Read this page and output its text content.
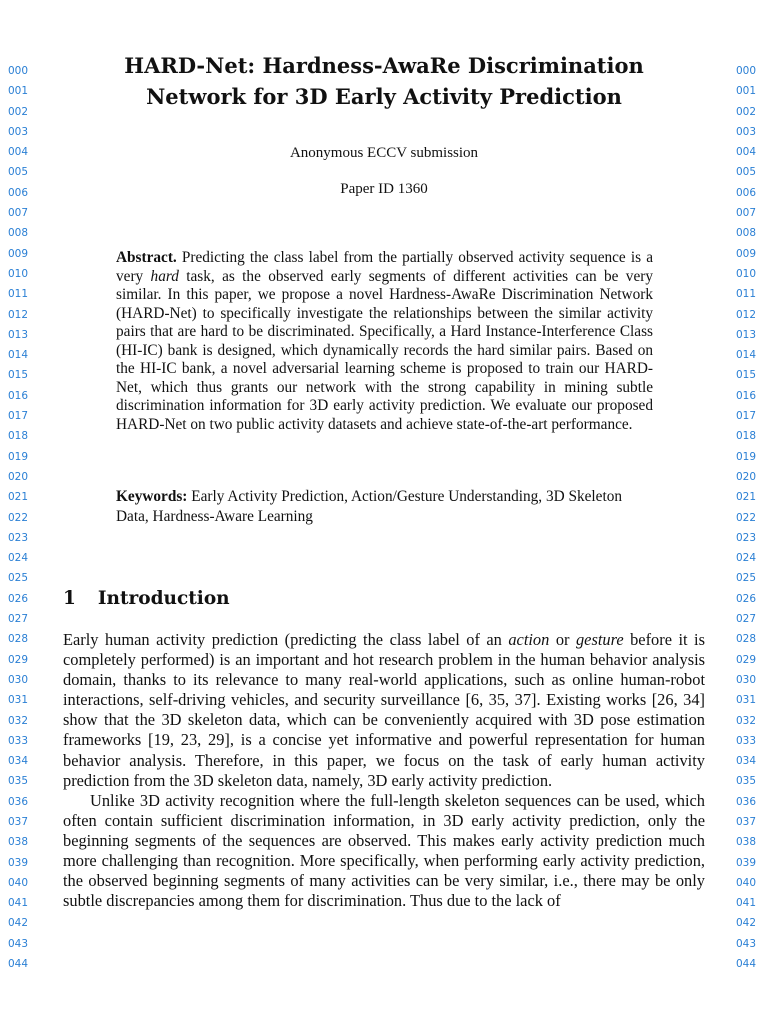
000
001
002
003
004
005
006
007
008
009
010
011
012
013
014
015
016
017
018
019
020
021
022
023
024
025
026
027
028
029
030
031
032
033
034
035
036
037
038
039
040
041
042
043
044
000
001
002
003
004
005
006
007
008
009
010
011
012
013
014
015
016
017
018
019
020
021
022
023
024
025
026
027
028
029
030
031
032
033
034
035
036
037
038
039
040
041
042
043
044
HARD-Net: Hardness-AwaRe Discrimination
Network for 3D Early Activity Prediction
Anonymous ECCV submission
Paper ID 1360
Abstract. Predicting the class label from the partially observed activity sequence is a very hard task, as the observed early segments of different activities can be very similar. In this paper, we propose a novel Hardness-AwaRe Discrimination Network (HARD-Net) to specifically investigate the relationships between the similar activity pairs that are hard to be discriminated. Specifically, a Hard Instance-Interference Class (HI-IC) bank is designed, which dynamically records the hard similar pairs. Based on the HI-IC bank, a novel adversarial learning scheme is proposed to train our HARD-Net, which thus grants our network with the strong capability in mining subtle discrimination information for 3D early activity prediction. We evaluate our proposed HARD-Net on two public activity datasets and achieve state-of-the-art performance.
Keywords: Early Activity Prediction, Action/Gesture Understanding, 3D Skeleton Data, Hardness-Aware Learning
1 Introduction

Early human activity prediction (predicting the class label of an action or gesture before it is completely performed) is an important and hot research problem in the human behavior analysis domain, thanks to its relevance to many real-world applications, such as online human-robot interactions, self-driving vehicles, and security surveillance [6, 35, 37]. Existing works [26, 34] show that the 3D skeleton data, which can be conveniently acquired with 3D pose estimation frameworks [19, 23, 29], is a concise yet informative and powerful representation for human behavior analysis. Therefore, in this paper, we focus on the task of early human activity prediction from the 3D skeleton data, namely, 3D early activity prediction.

Unlike 3D activity recognition where the full-length skeleton sequences can be used, which often contain sufficient discrimination information, in 3D early activity prediction, only the beginning segments of the sequences are observed. This makes early activity prediction much more challenging than recognition. More specifically, when performing early activity prediction, the observed beginning segments of many activities can be very similar, i.e., there may be only subtle discrepancies among them for discrimination. Thus due to the lack of
